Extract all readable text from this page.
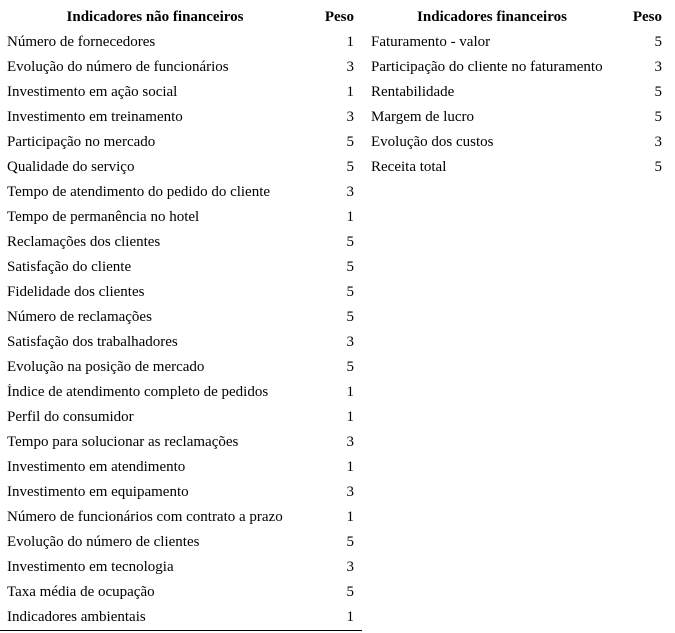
Indicadores não financeiros	Peso
Número de fornecedores	1
Evolução do número de funcionários	3
Investimento em ação social	1
Investimento em treinamento	3
Participação no mercado	5
Qualidade do serviço	5
Tempo de atendimento do pedido do cliente	3
Tempo de permanência no hotel	1
Reclamações dos clientes	5
Satisfação do cliente	5
Fidelidade dos clientes	5
Número de reclamações	5
Satisfação dos trabalhadores	3
Evolução na posição de mercado	5
Índice de atendimento completo de pedidos	1
Perfil do consumidor	1
Tempo para solucionar as reclamações	3
Investimento em atendimento	1
Investimento em equipamento	3
Número de funcionários com contrato a prazo	1
Evolução do número de clientes	5
Investimento em tecnologia	3
Taxa média de ocupação	5
Indicadores ambientais	1
Indicadores financeiros	Peso
Faturamento - valor	5
Participação do cliente no faturamento	3
Rentabilidade	5
Margem de lucro	5
Evolução dos custos	3
Receita total	5
